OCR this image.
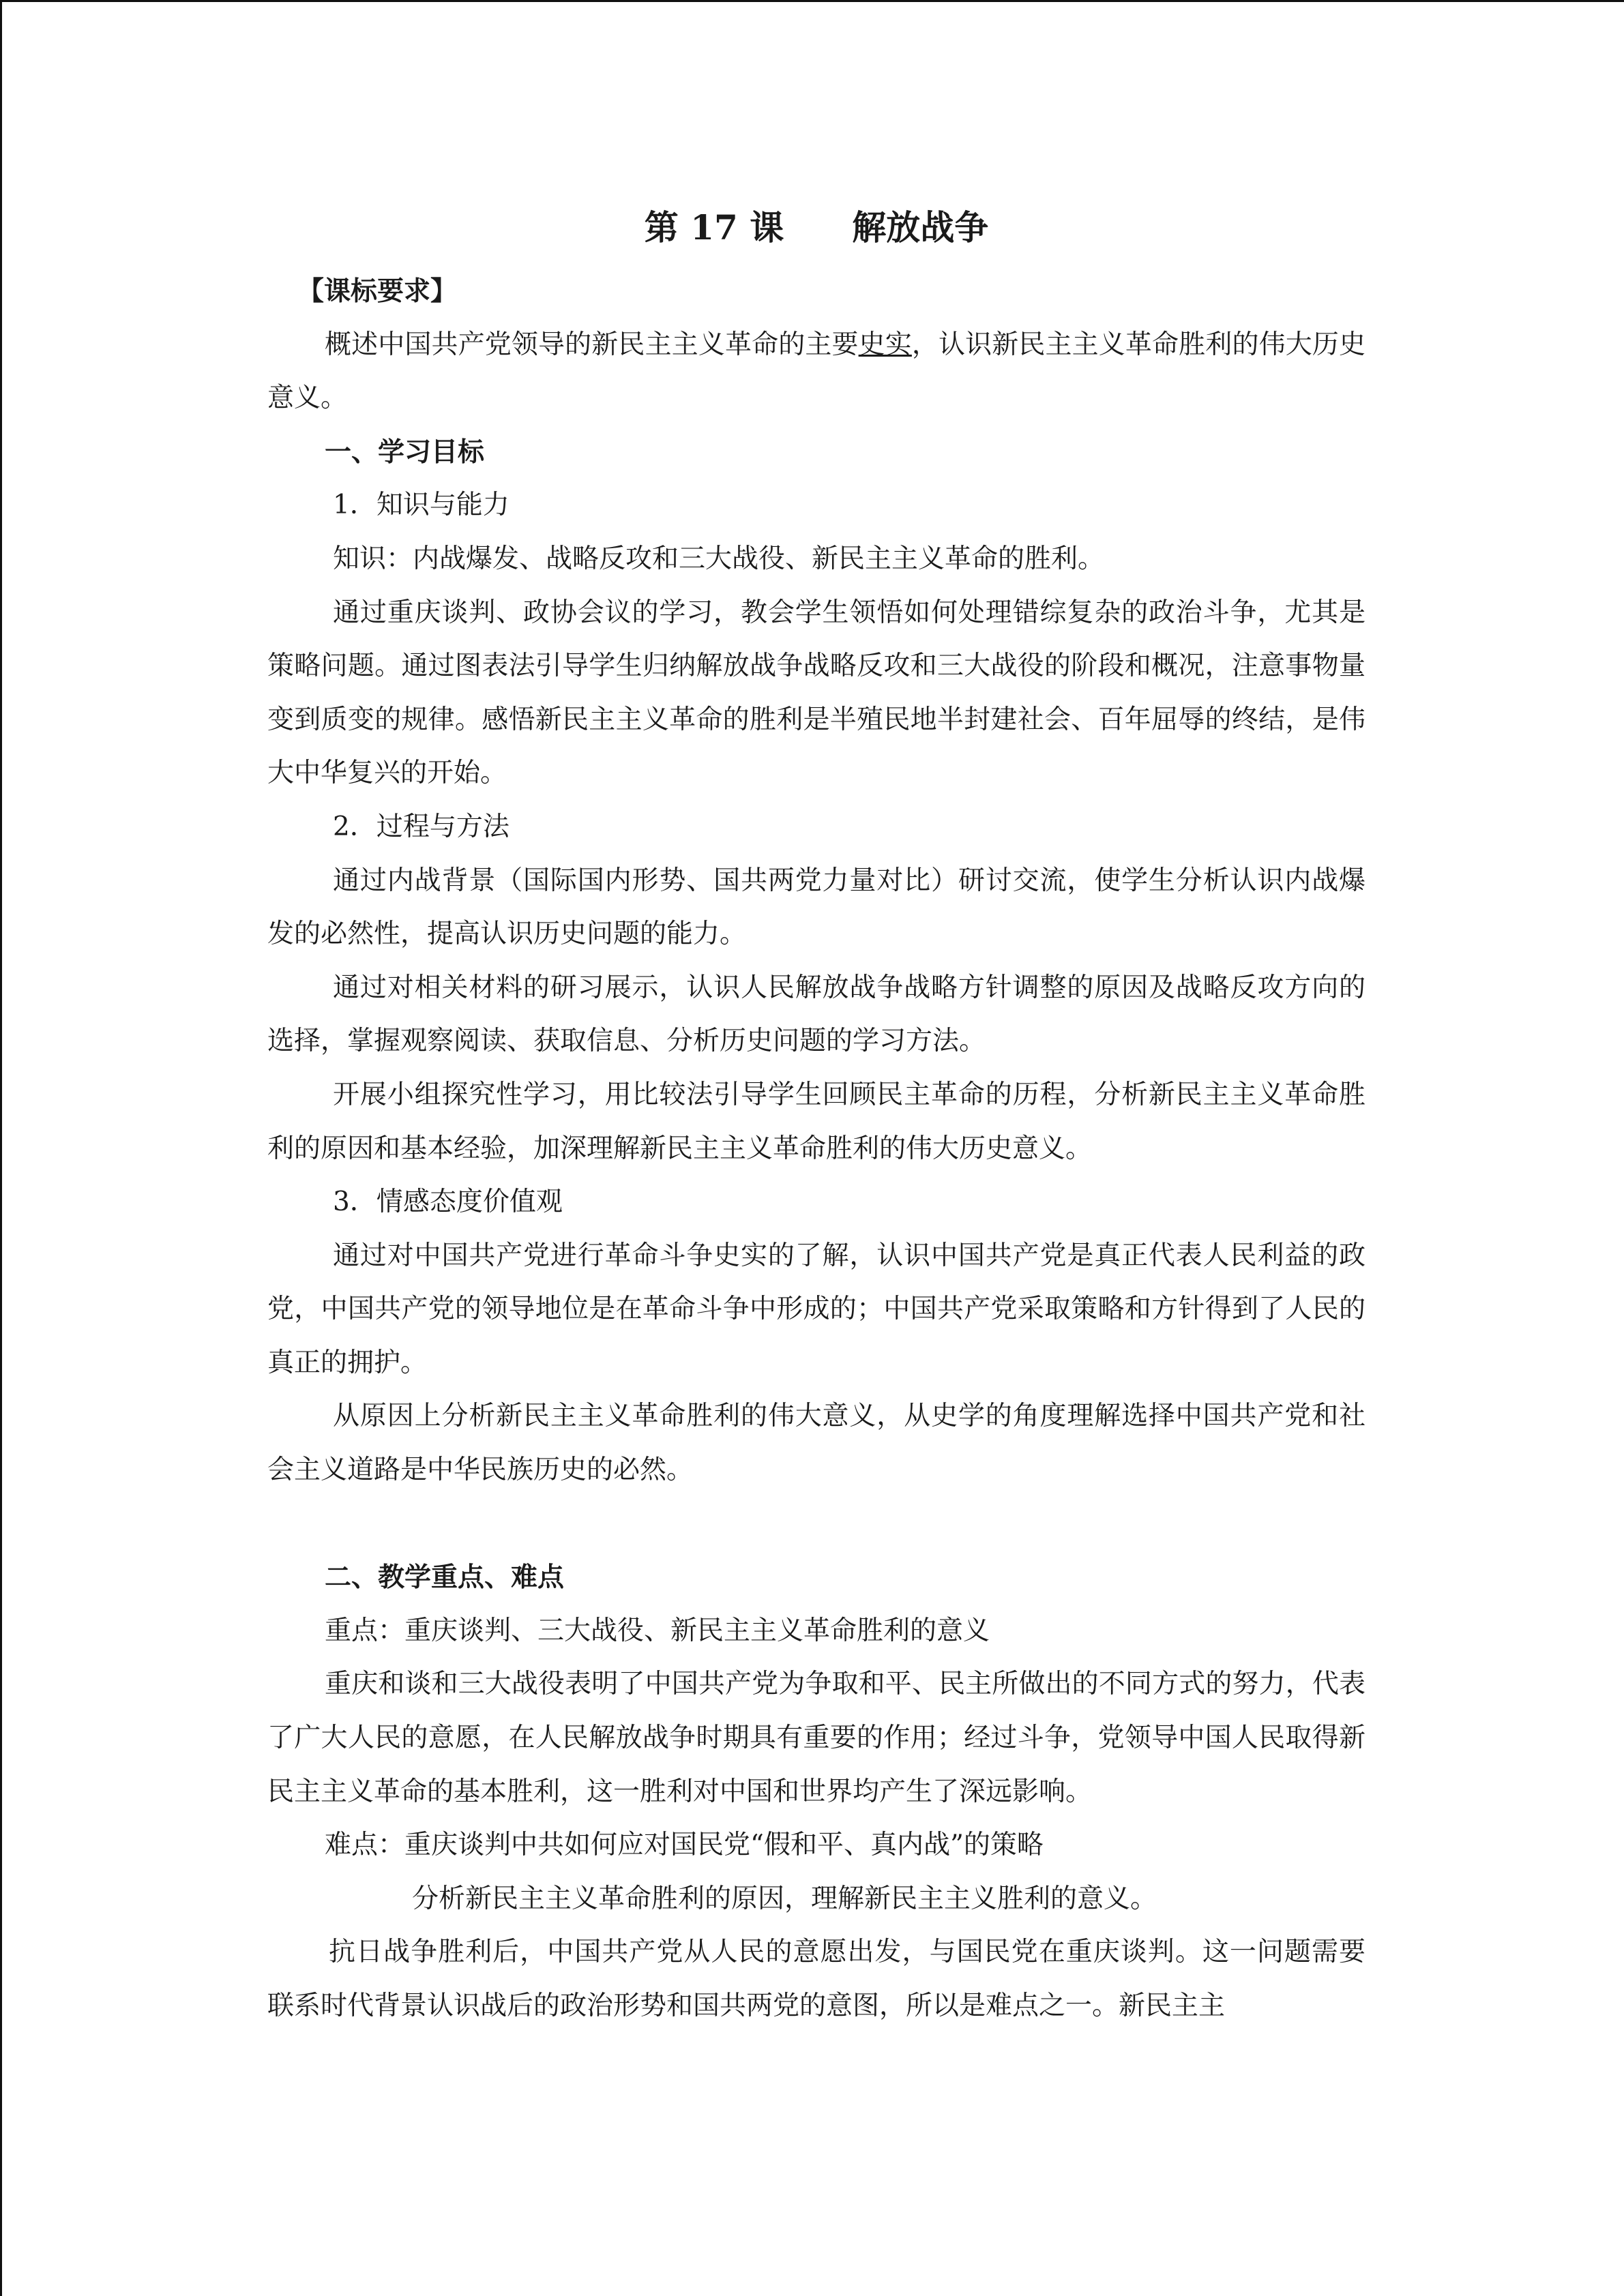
第 17 课　　解放战争
【课标要求】

概述中国共产党领导的新民主主义革命的主要史实，认识新民主主义革命胜利的伟大历史意义。

一、学习目标
1．知识与能力
知识：内战爆发、战略反攻和三大战役、新民主主义革命的胜利。

通过重庆谈判、政协会议的学习，教会学生领悟如何处理错综复杂的政治斗争，尤其是策略问题。通过图表法引导学生归纳解放战争战略反攻和三大战役的阶段和概况，注意事物量变到质变的规律。感悟新民主主义革命的胜利是半殖民地半封建社会、百年屈辱的终结，是伟大中华复兴的开始。

2．过程与方法

通过内战背景（国际国内形势、国共两党力量对比）研讨交流，使学生分析认识内战爆发的必然性，提高认识历史问题的能力。

通过对相关材料的研习展示，认识人民解放战争战略方针调整的原因及战略反攻方向的选择，掌握观察阅读、获取信息、分析历史问题的学习方法。

开展小组探究性学习，用比较法引导学生回顾民主革命的历程，分析新民主主义革命胜利的原因和基本经验，加深理解新民主主义革命胜利的伟大历史意义。

3．情感态度价值观

通过对中国共产党进行革命斗争史实的了解，认识中国共产党是真正代表人民利益的政党，中国共产党的领导地位是在革命斗争中形成的；中国共产党采取策略和方针得到了人民的真正的拥护。

从原因上分析新民主主义革命胜利的伟大意义，从史学的角度理解选择中国共产党和社会主义道路是中华民族历史的必然。

二、教学重点、难点
重点：重庆谈判、三大战役、新民主主义革命胜利的意义

重庆和谈和三大战役表明了中国共产党为争取和平、民主所做出的不同方式的努力，代表了广大人民的意愿，在人民解放战争时期具有重要的作用；经过斗争，党领导中国人民取得新民主主义革命的基本胜利，这一胜利对中国和世界均产生了深远影响。

难点：重庆谈判中共如何应对国民党“假和平、真内战”的策略
分析新民主主义革命胜利的原因，理解新民主主义胜利的意义。

抗日战争胜利后，中国共产党从人民的意愿出发，与国民党在重庆谈判。这一问题需要联系时代背景认识战后的政治形势和国共两党的意图，所以是难点之一。新民主主
